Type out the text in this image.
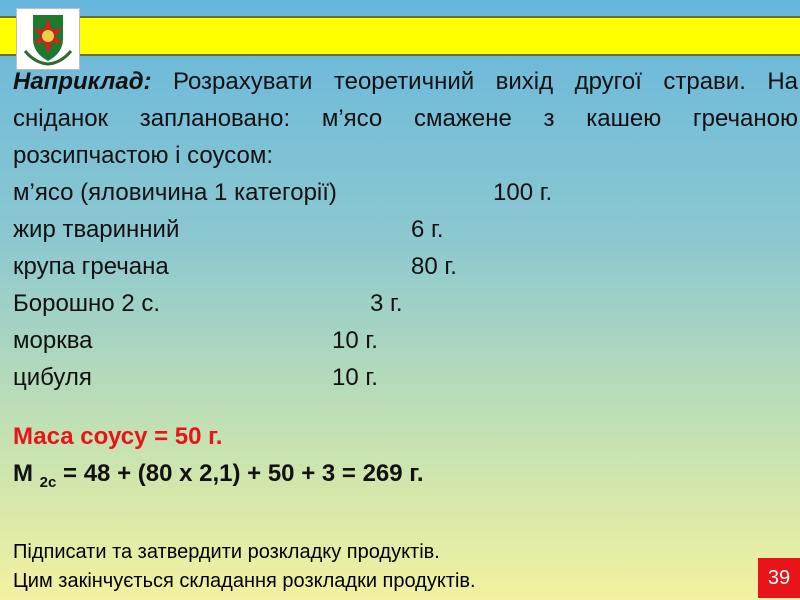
Наприклад: Розрахувати теоретичний вихід другої страви. На сніданок заплановано: м’ясо смажене з кашею гречаною розсипчастою і соусом:

м’ясо (яловичина 1 категорії)	100 г.
жир тваринний	6 г.
крупа гречана	80 г.
Борошно 2 с.	3 г.
морква	10 г.
цибуля	10 г.
Маса соусу = 50 г.
М $_{2с}$ = 48 + (80 х 2,1) + 50 + 3 = 269 г.
Підписати та затвердити розкладку продуктів.
Цим закінчується складання розкладки продуктів.	39
